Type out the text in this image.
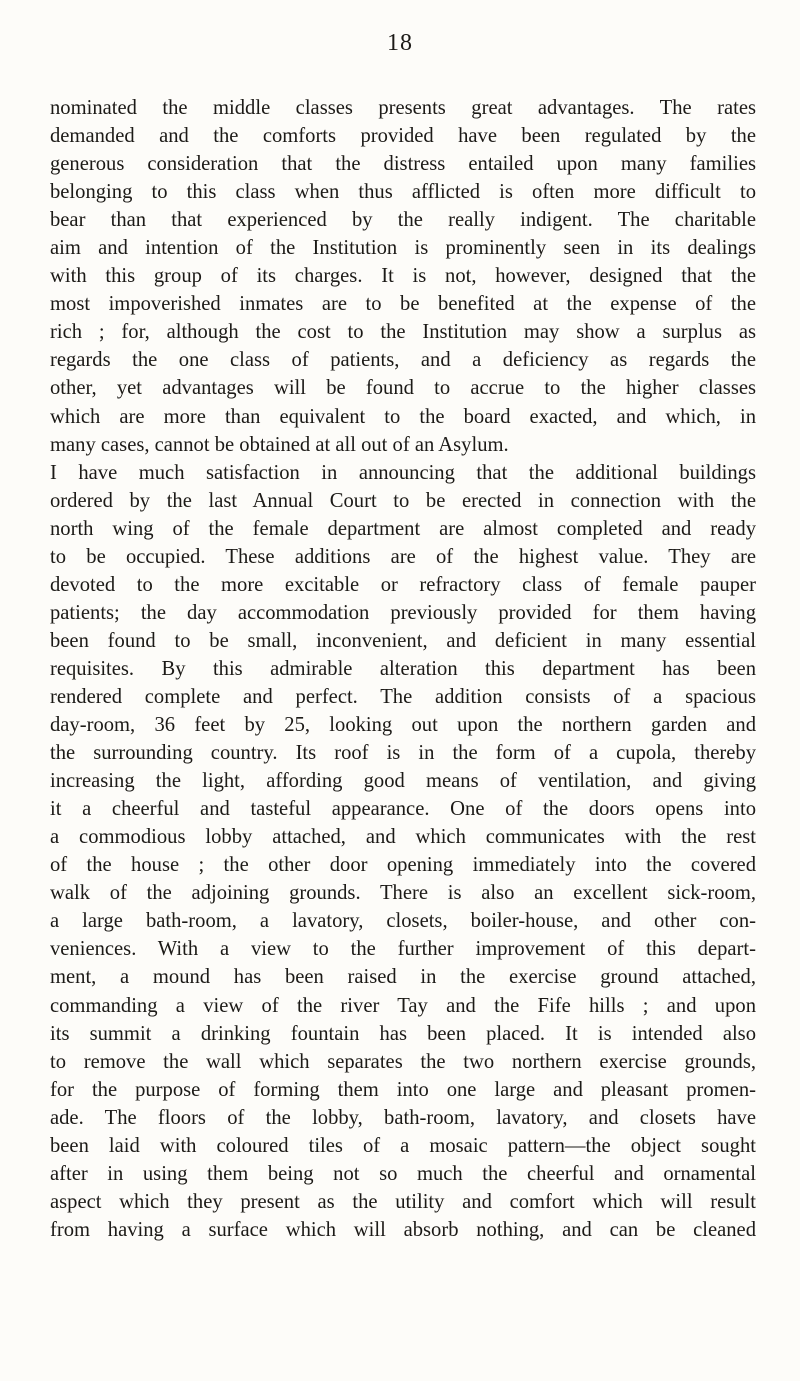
18
nominated the middle classes presents great advantages. The rates
demanded and the comforts provided have been regulated by the
generous consideration that the distress entailed upon many families
belonging to this class when thus afflicted is often more difficult to
bear than that experienced by the really indigent. The charitable
aim and intention of the Institution is prominently seen in its dealings
with this group of its charges. It is not, however, designed that the
most impoverished inmates are to be benefited at the expense of the
rich ; for, although the cost to the Institution may show a surplus as
regards the one class of patients, and a deficiency as regards the
other, yet advantages will be found to accrue to the higher classes
which are more than equivalent to the board exacted, and which, in
many cases, cannot be obtained at all out of an Asylum.
I have much satisfaction in announcing that the additional buildings
ordered by the last Annual Court to be erected in connection with the
north wing of the female department are almost completed and ready
to be occupied. These additions are of the highest value. They are
devoted to the more excitable or refractory class of female pauper
patients; the day accommodation previously provided for them having
been found to be small, inconvenient, and deficient in many essential
requisites. By this admirable alteration this department has been
rendered complete and perfect. The addition consists of a spacious
day-room, 36 feet by 25, looking out upon the northern garden and
the surrounding country. Its roof is in the form of a cupola, thereby
increasing the light, affording good means of ventilation, and giving
it a cheerful and tasteful appearance. One of the doors opens into
a commodious lobby attached, and which communicates with the rest
of the house ; the other door opening immediately into the covered
walk of the adjoining grounds. There is also an excellent sick-room,
a large bath-room, a lavatory, closets, boiler-house, and other con-
veniences. With a view to the further improvement of this depart-
ment, a mound has been raised in the exercise ground attached,
commanding a view of the river Tay and the Fife hills ; and upon
its summit a drinking fountain has been placed. It is intended also
to remove the wall which separates the two northern exercise grounds,
for the purpose of forming them into one large and pleasant promen-
ade. The floors of the lobby, bath-room, lavatory, and closets have
been laid with coloured tiles of a mosaic pattern—the object sought
after in using them being not so much the cheerful and ornamental
aspect which they present as the utility and comfort which will result
from having a surface which will absorb nothing, and can be cleaned
